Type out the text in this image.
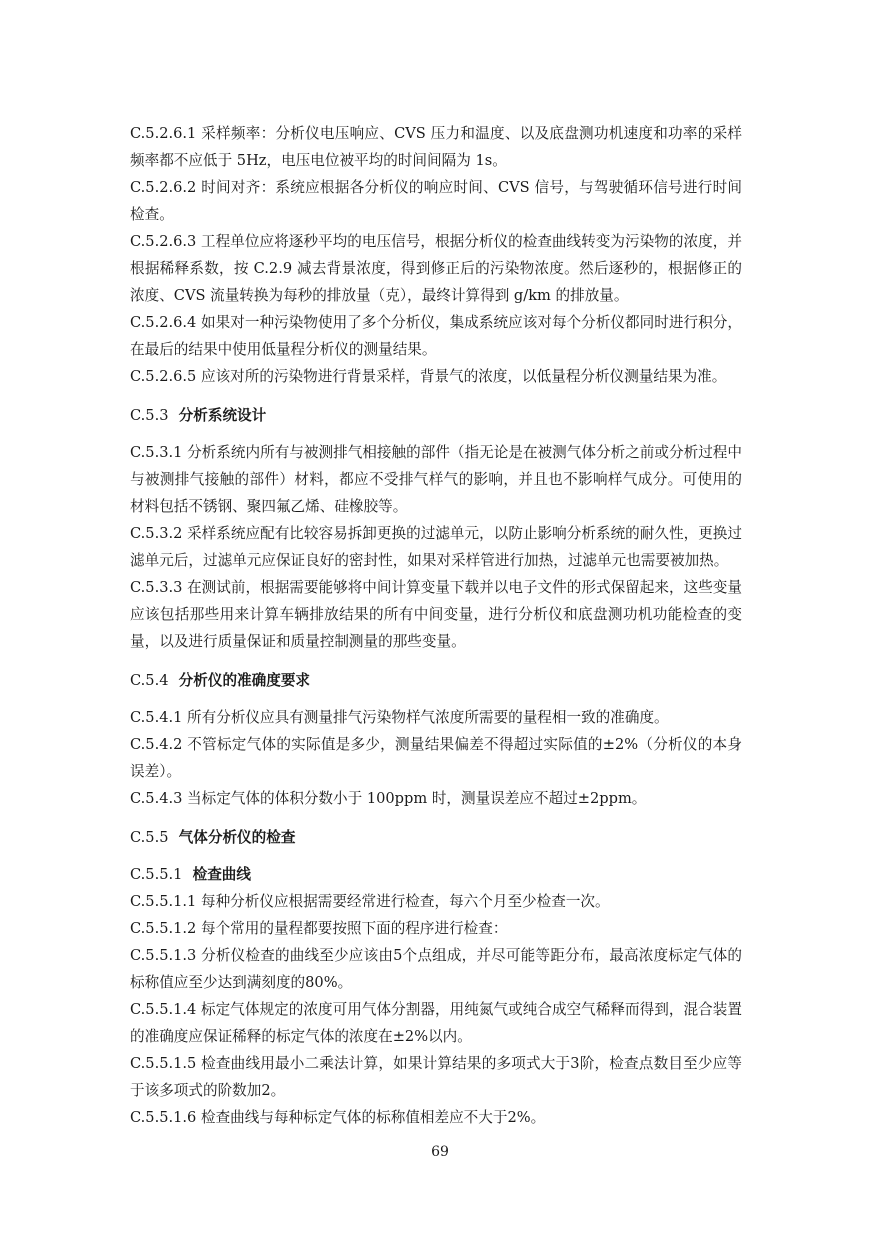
C.5.2.6.1 采样频率：分析仪电压响应、CVS 压力和温度、以及底盘测功机速度和功率的采样频率都不应低于 5Hz，电压电位被平均的时间间隔为 1s。

C.5.2.6.2 时间对齐：系统应根据各分析仪的响应时间、CVS 信号，与驾驶循环信号进行时间检查。

C.5.2.6.3 工程单位应将逐秒平均的电压信号，根据分析仪的检查曲线转变为污染物的浓度，并根据稀释系数，按 C.2.9 减去背景浓度，得到修正后的污染物浓度。然后逐秒的，根据修正的浓度、CVS 流量转换为每秒的排放量（克），最终计算得到 g/km 的排放量。

C.5.2.6.4 如果对一种污染物使用了多个分析仪，集成系统应该对每个分析仪都同时进行积分，在最后的结果中使用低量程分析仪的测量结果。

C.5.2.6.5 应该对所的污染物进行背景采样，背景气的浓度，以低量程分析仪测量结果为准。

C.5.3 分析系统设计

C.5.3.1 分析系统内所有与被测排气相接触的部件（指无论是在被测气体分析之前或分析过程中与被测排气接触的部件）材料，都应不受排气样气的影响，并且也不影响样气成分。可使用的材料包括不锈钢、聚四氟乙烯、硅橡胶等。

C.5.3.2 采样系统应配有比较容易拆卸更换的过滤单元，以防止影响分析系统的耐久性，更换过滤单元后，过滤单元应保证良好的密封性，如果对采样管进行加热，过滤单元也需要被加热。

C.5.3.3 在测试前，根据需要能够将中间计算变量下载并以电子文件的形式保留起来，这些变量应该包括那些用来计算车辆排放结果的所有中间变量，进行分析仪和底盘测功机功能检查的变量，以及进行质量保证和质量控制测量的那些变量。

C.5.4 分析仪的准确度要求

C.5.4.1 所有分析仪应具有测量排气污染物样气浓度所需要的量程相一致的准确度。

C.5.4.2 不管标定气体的实际值是多少，测量结果偏差不得超过实际值的±2%（分析仪的本身误差）。

C.5.4.3 当标定气体的体积分数小于 100ppm 时，测量误差应不超过±2ppm。

C.5.5 气体分析仪的检查
C.5.5.1 检查曲线

C.5.5.1.1 每种分析仪应根据需要经常进行检查，每六个月至少检查一次。

C.5.5.1.2 每个常用的量程都要按照下面的程序进行检查：

C.5.5.1.3 分析仪检查的曲线至少应该由5个点组成，并尽可能等距分布，最高浓度标定气体的标称值应至少达到满刻度的80%。

C.5.5.1.4 标定气体规定的浓度可用气体分割器，用纯氮气或纯合成空气稀释而得到，混合装置的准确度应保证稀释的标定气体的浓度在±2%以内。

C.5.5.1.5 检查曲线用最小二乘法计算，如果计算结果的多项式大于3阶，检查点数目至少应等于该多项式的阶数加2。

C.5.5.1.6 检查曲线与每种标定气体的标称值相差应不大于2%。

69
